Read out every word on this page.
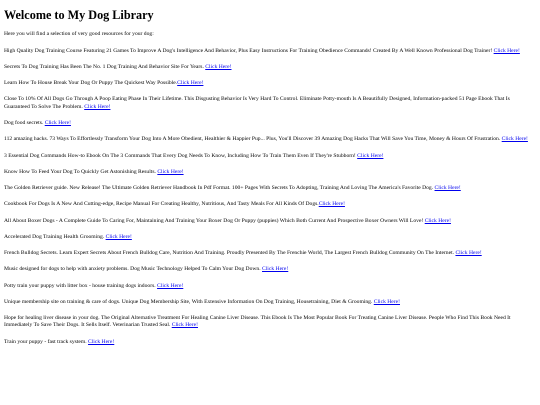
Welcome to My Dog Library

Here you will find a selection of very good resources for your dog:

High Quality Dog Training Course Featuring 21 Games To Improve A Dog's Intelligence And Behavior, Plus Easy Instructions For Training Obedience Commands! Created By A Well Known Professional Dog Trainer! Click Here!

Secrets To Dog Training Has Been The No. 1 Dog Training And Behavior Site For Years. Click Here!

Learn How To House Break Your Dog Or Puppy The Quickest Way Possible.Click Here!

Close To 10% Of All Dogs Go Through A Poop Eating Phase In Their Lifetime. This Disgusting Behavior Is Very Hard To Control. Eliminate Potty-mouth Is A Beautifully Designed, Information-packed 51 Page Ebook That Is Guaranteed To Solve The Problem. Click Here!

Dog food secrets. Click Here!

112 amazing hacks. 73 Ways To Effortlessly Transform Your Dog Into A More Obedient, Healthier & Happier Pup... Plus, You'll Discover 39 Amazing Dog Hacks That Will Save You Time, Money & Hours Of Frustration. Click Here!

3 Essential Dog Commands How-to Ebook On The 3 Commands That Every Dog Needs To Know, Including How To Train Them Even If They're Stubborn! Click Here!

Know How To Feed Your Dog To Quickly Get Astonishing Results. Click Here!

The Golden Retriever guide. New Release! The Ultimate Golden Retriever Handbook In Pdf Format. 100+ Pages With Secrets To Adopting, Training And Loving The America's Favorite Dog. Click Here!

Cookbook For Dogs Is A New And Cutting-edge, Recipe Manual For Creating Healthy, Nutritious, And Tasty Meals For All Kinds Of Dogs.Click Here!

All About Boxer Dogs - A Complete Guide To Caring For, Maintaining And Training Your Boxer Dog Or Puppy (puppies) Which Both Current And Prospective Boxer Owners Will Love! Click Here!

Accelerated Dog Training Health Grooming. Click Here!

French Bulldog Secrets. Learn Expert Secrets About French Bulldog Care, Nutrition And Training. Proudly Presented By The Frenchie World, The Largest French Bulldog Community On The Internet. Click Here!

Music designed for dogs to help with anxiety problems. Dog Music Technology Helped To Calm Your Dog Down. Click Here!

Potty train your puppy with litter box - house training dogs indoors. Click Here!

Unique membership site on training & care of dogs. Unique Dog Membership Site, With Extensive Information On Dog Training, Housetraining, Diet & Grooming. Click Here!

Hope for healing liver disease in your dog. The Original Alternative Treatment For Healing Canine Liver Disease. This Ebook Is The Most Popular Book For Treating Canine Liver Disease. People Who Find This Book Need It Immediately To Save Their Dogs. It Sells Itself. Veterinarian Trusted Seal. Click Here!

Train your puppy - fast track system. Click Here!
